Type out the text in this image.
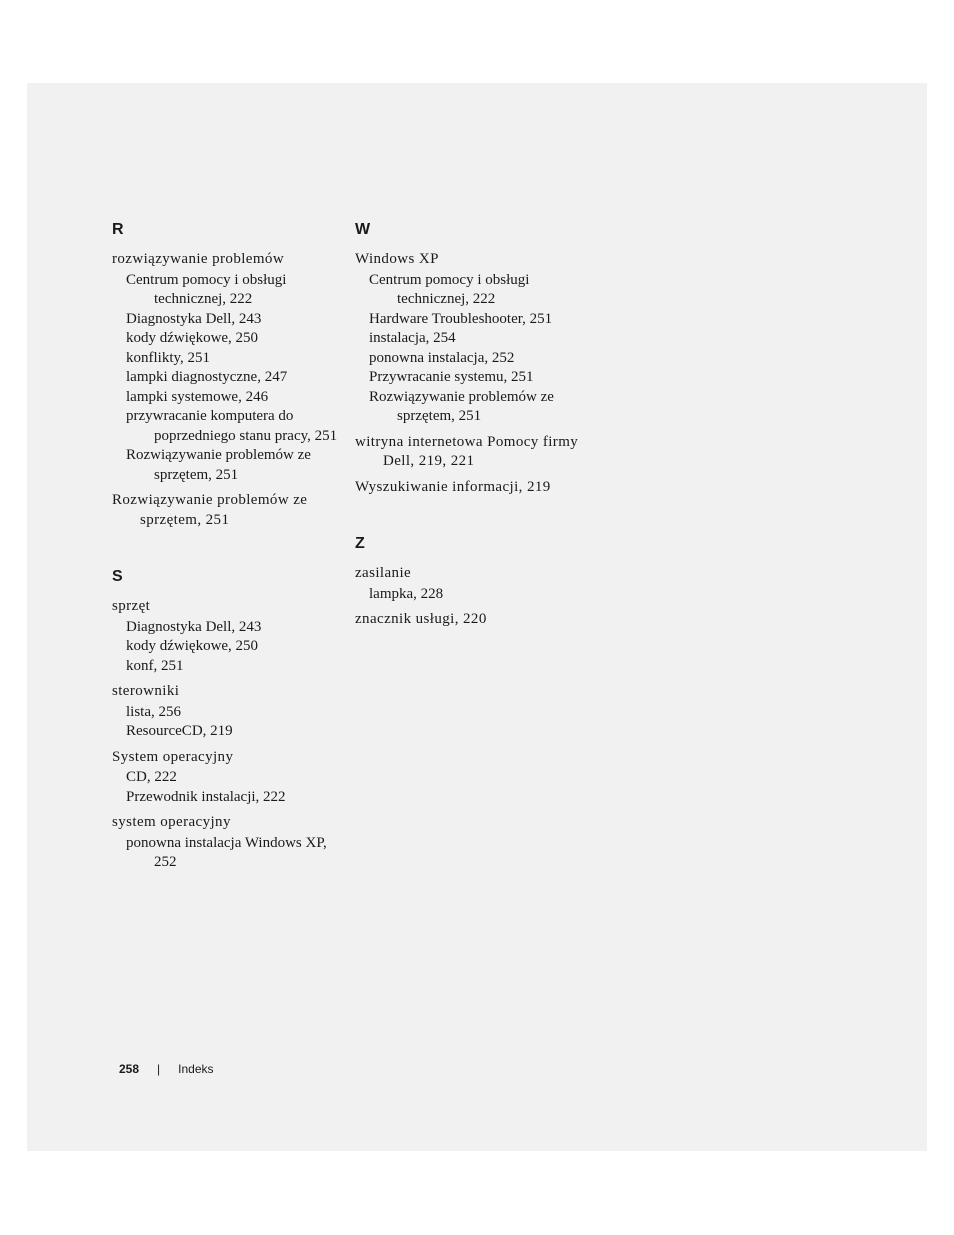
R
rozwiązywanie problemów
Centrum pomocy i obsługi technicznej, 222
Diagnostyka Dell, 243
kody dźwiękowe, 250
konflikty, 251
lampki diagnostyczne, 247
lampki systemowe, 246
przywracanie komputera do poprzedniego stanu pracy, 251
Rozwiązywanie problemów ze sprzętem, 251
Rozwiązywanie problemów ze sprzętem, 251
S
sprzęt
Diagnostyka Dell, 243
kody dźwiękowe, 250
konf, 251
sterowniki
lista, 256
ResourceCD, 219
System operacyjny
CD, 222
Przewodnik instalacji, 222
system operacyjny
ponowna instalacja Windows XP, 252
W
Windows XP
Centrum pomocy i obsługi technicznej, 222
Hardware Troubleshooter, 251
instalacja, 254
ponowna instalacja, 252
Przywracanie systemu, 251
Rozwiązywanie problemów ze sprzętem, 251
witryna internetowa Pomocy firmy Dell, 219, 221
Wyszukiwanie informacji, 219
Z
zasilanie
lampka, 228
znacznik usługi, 220
258 | Indeks
